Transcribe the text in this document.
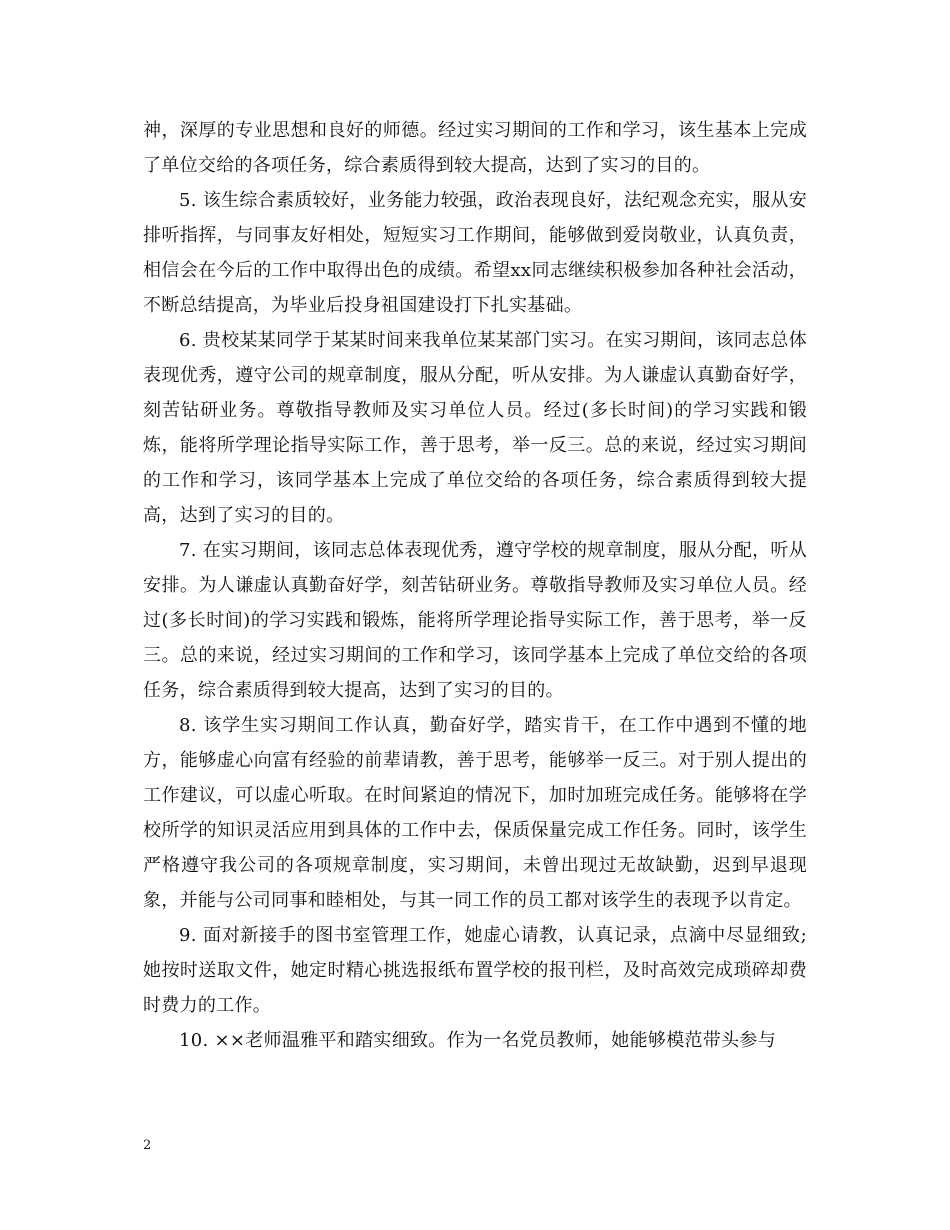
神，深厚的专业思想和良好的师德。经过实习期间的工作和学习，该生基本上完成了单位交给的各项任务，综合素质得到较大提高，达到了实习的目的。

5. 该生综合素质较好，业务能力较强，政治表现良好，法纪观念充实，服从安排听指挥，与同事友好相处，短短实习工作期间，能够做到爱岗敬业，认真负责，相信会在今后的工作中取得出色的成绩。希望xx同志继续积极参加各种社会活动，不断总结提高，为毕业后投身祖国建设打下扎实基础。

6. 贵校某某同学于某某时间来我单位某某部门实习。在实习期间，该同志总体表现优秀，遵守公司的规章制度，服从分配，听从安排。为人谦虚认真勤奋好学，刻苦钻研业务。尊敬指导教师及实习单位人员。经过(多长时间)的学习实践和锻炼，能将所学理论指导实际工作，善于思考，举一反三。总的来说，经过实习期间的工作和学习，该同学基本上完成了单位交给的各项任务，综合素质得到较大提高，达到了实习的目的。

7. 在实习期间，该同志总体表现优秀，遵守学校的规章制度，服从分配，听从安排。为人谦虚认真勤奋好学，刻苦钻研业务。尊敬指导教师及实习单位人员。经过(多长时间)的学习实践和锻炼，能将所学理论指导实际工作，善于思考，举一反三。总的来说，经过实习期间的工作和学习，该同学基本上完成了单位交给的各项任务，综合素质得到较大提高，达到了实习的目的。

8. 该学生实习期间工作认真，勤奋好学，踏实肯干，在工作中遇到不懂的地方，能够虚心向富有经验的前辈请教，善于思考，能够举一反三。对于别人提出的工作建议，可以虚心听取。在时间紧迫的情况下，加时加班完成任务。能够将在学校所学的知识灵活应用到具体的工作中去，保质保量完成工作任务。同时，该学生严格遵守我公司的各项规章制度，实习期间，未曾出现过无故缺勤，迟到早退现象，并能与公司同事和睦相处，与其一同工作的员工都对该学生的表现予以肯定。

9. 面对新接手的图书室管理工作，她虚心请教，认真记录，点滴中尽显细致;她按时送取文件，她定时精心挑选报纸布置学校的报刊栏，及时高效完成琐碎却费时费力的工作。

10. ××老师温雅平和踏实细致。作为一名党员教师，她能够模范带头参与

2
